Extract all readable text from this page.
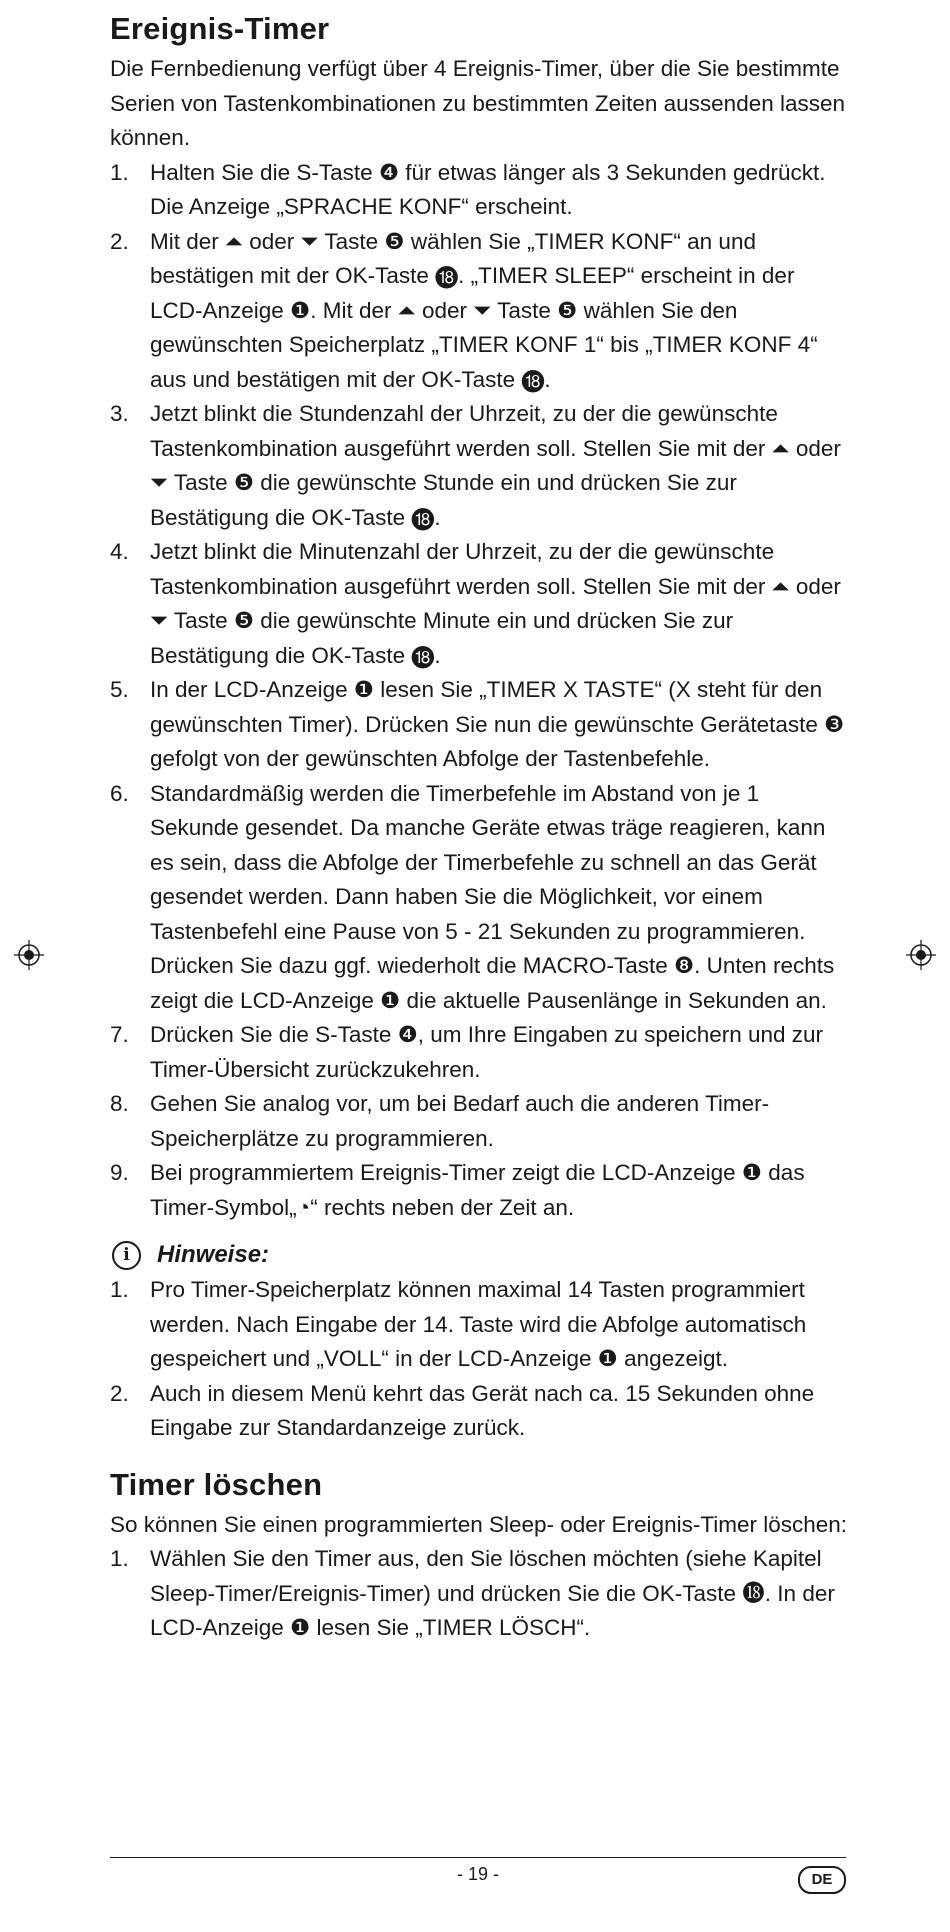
Ereignis-Timer

Die Fernbedienung verfügt über 4 Ereignis-Timer, über die Sie bestimmte Serien von Tastenkombinationen zu bestimmten Zeiten aussenden lassen können.

1. Halten Sie die S-Taste ❹ für etwas länger als 3 Sekunden gedrückt. Die Anzeige „SPRACHE KONF“ erscheint.
2. Mit der ⏶ oder ⏷ Taste ❺ wählen Sie „TIMER KONF“ an und bestätigen mit der OK-Taste ⓲. „TIMER SLEEP“ erscheint in der LCD-Anzeige ❶. Mit der ⏶ oder ⏷ Taste ❺ wählen Sie den gewünschten Speicherplatz „TIMER KONF 1“ bis „TIMER KONF 4“ aus und bestätigen mit der OK-Taste ⓲.
3. Jetzt blinkt die Stundenzahl der Uhrzeit, zu der die gewünschte Tastenkombination ausgeführt werden soll. Stellen Sie mit der ⏶ oder ⏷ Taste ❺ die gewünschte Stunde ein und drücken Sie zur Bestätigung die OK-Taste ⓲.
4. Jetzt blinkt die Minutenzahl der Uhrzeit, zu der die gewünschte Tastenkombination ausgeführt werden soll. Stellen Sie mit der ⏶ oder ⏷ Taste ❺ die gewünschte Minute ein und drücken Sie zur Bestätigung die OK-Taste ⓲.
5. In der LCD-Anzeige ❶ lesen Sie „TIMER X TASTE“ (X steht für den gewünschten Timer). Drücken Sie nun die gewünschte Gerätetaste ❸ gefolgt von der gewünschten Abfolge der Tastenbefehle.
6. Standardmäßig werden die Timerbefehle im Abstand von je 1 Sekunde gesendet. Da manche Geräte etwas träge reagieren, kann es sein, dass die Abfolge der Timerbefehle zu schnell an das Gerät gesendet werden. Dann haben Sie die Möglichkeit, vor einem Tastenbefehl eine Pause von 5 - 21 Sekunden zu programmieren. Drücken Sie dazu ggf. wiederholt die MACRO-Taste ❽. Unten rechts zeigt die LCD-Anzeige ❶ die aktuelle Pausenlänge in Sekunden an.
7. Drücken Sie die S-Taste ❹, um Ihre Eingaben zu speichern und zur Timer-Übersicht zurückzukehren.
8. Gehen Sie analog vor, um bei Bedarf auch die anderen Timer-Speicherplätze zu programmieren.
9. Bei programmiertem Ereignis-Timer zeigt die LCD-Anzeige ❶ das Timer-Symbol„◔“ rechts neben der Zeit an.
i	Hinweise:
1. Pro Timer-Speicherplatz können maximal 14 Tasten programmiert werden. Nach Eingabe der 14. Taste wird die Abfolge automatisch gespeichert und „VOLL“ in der LCD-Anzeige ❶ angezeigt.
2. Auch in diesem Menü kehrt das Gerät nach ca. 15 Sekunden ohne Eingabe zur Standardanzeige zurück.
Timer löschen

So können Sie einen programmierten Sleep- oder Ereignis-Timer löschen:

1. Wählen Sie den Timer aus, den Sie löschen möchten (siehe Kapitel Sleep-Timer/Ereignis-Timer) und drücken Sie die OK-Taste ⓲. In der LCD-Anzeige ❶ lesen Sie „TIMER LÖSCH“.
- 19 -	DE
